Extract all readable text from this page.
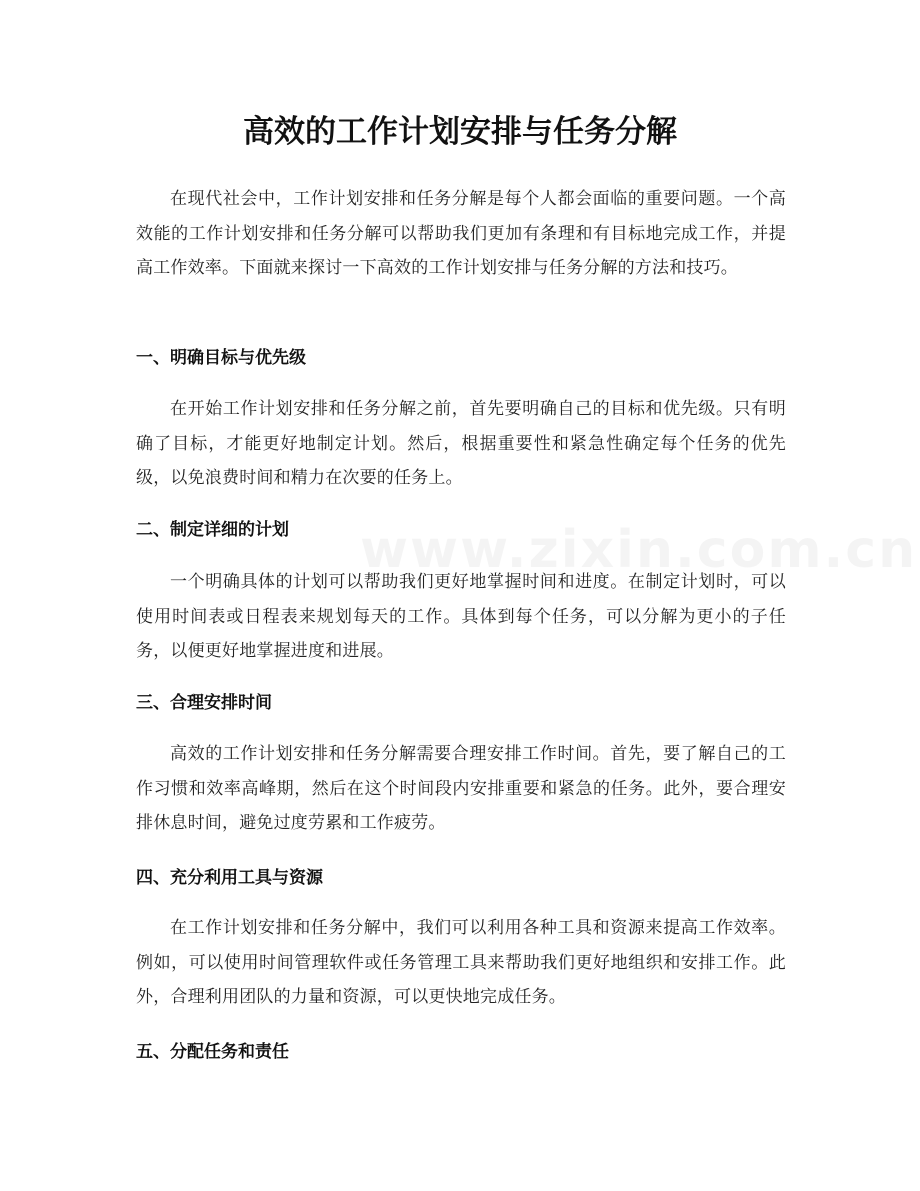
高效的工作计划安排与任务分解

在现代社会中，工作计划安排和任务分解是每个人都会面临的重要问题。一个高效能的工作计划安排和任务分解可以帮助我们更加有条理和有目标地完成工作，并提高工作效率。下面就来探讨一下高效的工作计划安排与任务分解的方法和技巧。

一、明确目标与优先级

在开始工作计划安排和任务分解之前，首先要明确自己的目标和优先级。只有明确了目标，才能更好地制定计划。然后，根据重要性和紧急性确定每个任务的优先级，以免浪费时间和精力在次要的任务上。

二、制定详细的计划

一个明确具体的计划可以帮助我们更好地掌握时间和进度。在制定计划时，可以使用时间表或日程表来规划每天的工作。具体到每个任务，可以分解为更小的子任务，以便更好地掌握进度和进展。

三、合理安排时间

高效的工作计划安排和任务分解需要合理安排工作时间。首先，要了解自己的工作习惯和效率高峰期，然后在这个时间段内安排重要和紧急的任务。此外，要合理安排休息时间，避免过度劳累和工作疲劳。

四、充分利用工具与资源

在工作计划安排和任务分解中，我们可以利用各种工具和资源来提高工作效率。例如，可以使用时间管理软件或任务管理工具来帮助我们更好地组织和安排工作。此外，合理利用团队的力量和资源，可以更快地完成任务。

五、分配任务和责任
